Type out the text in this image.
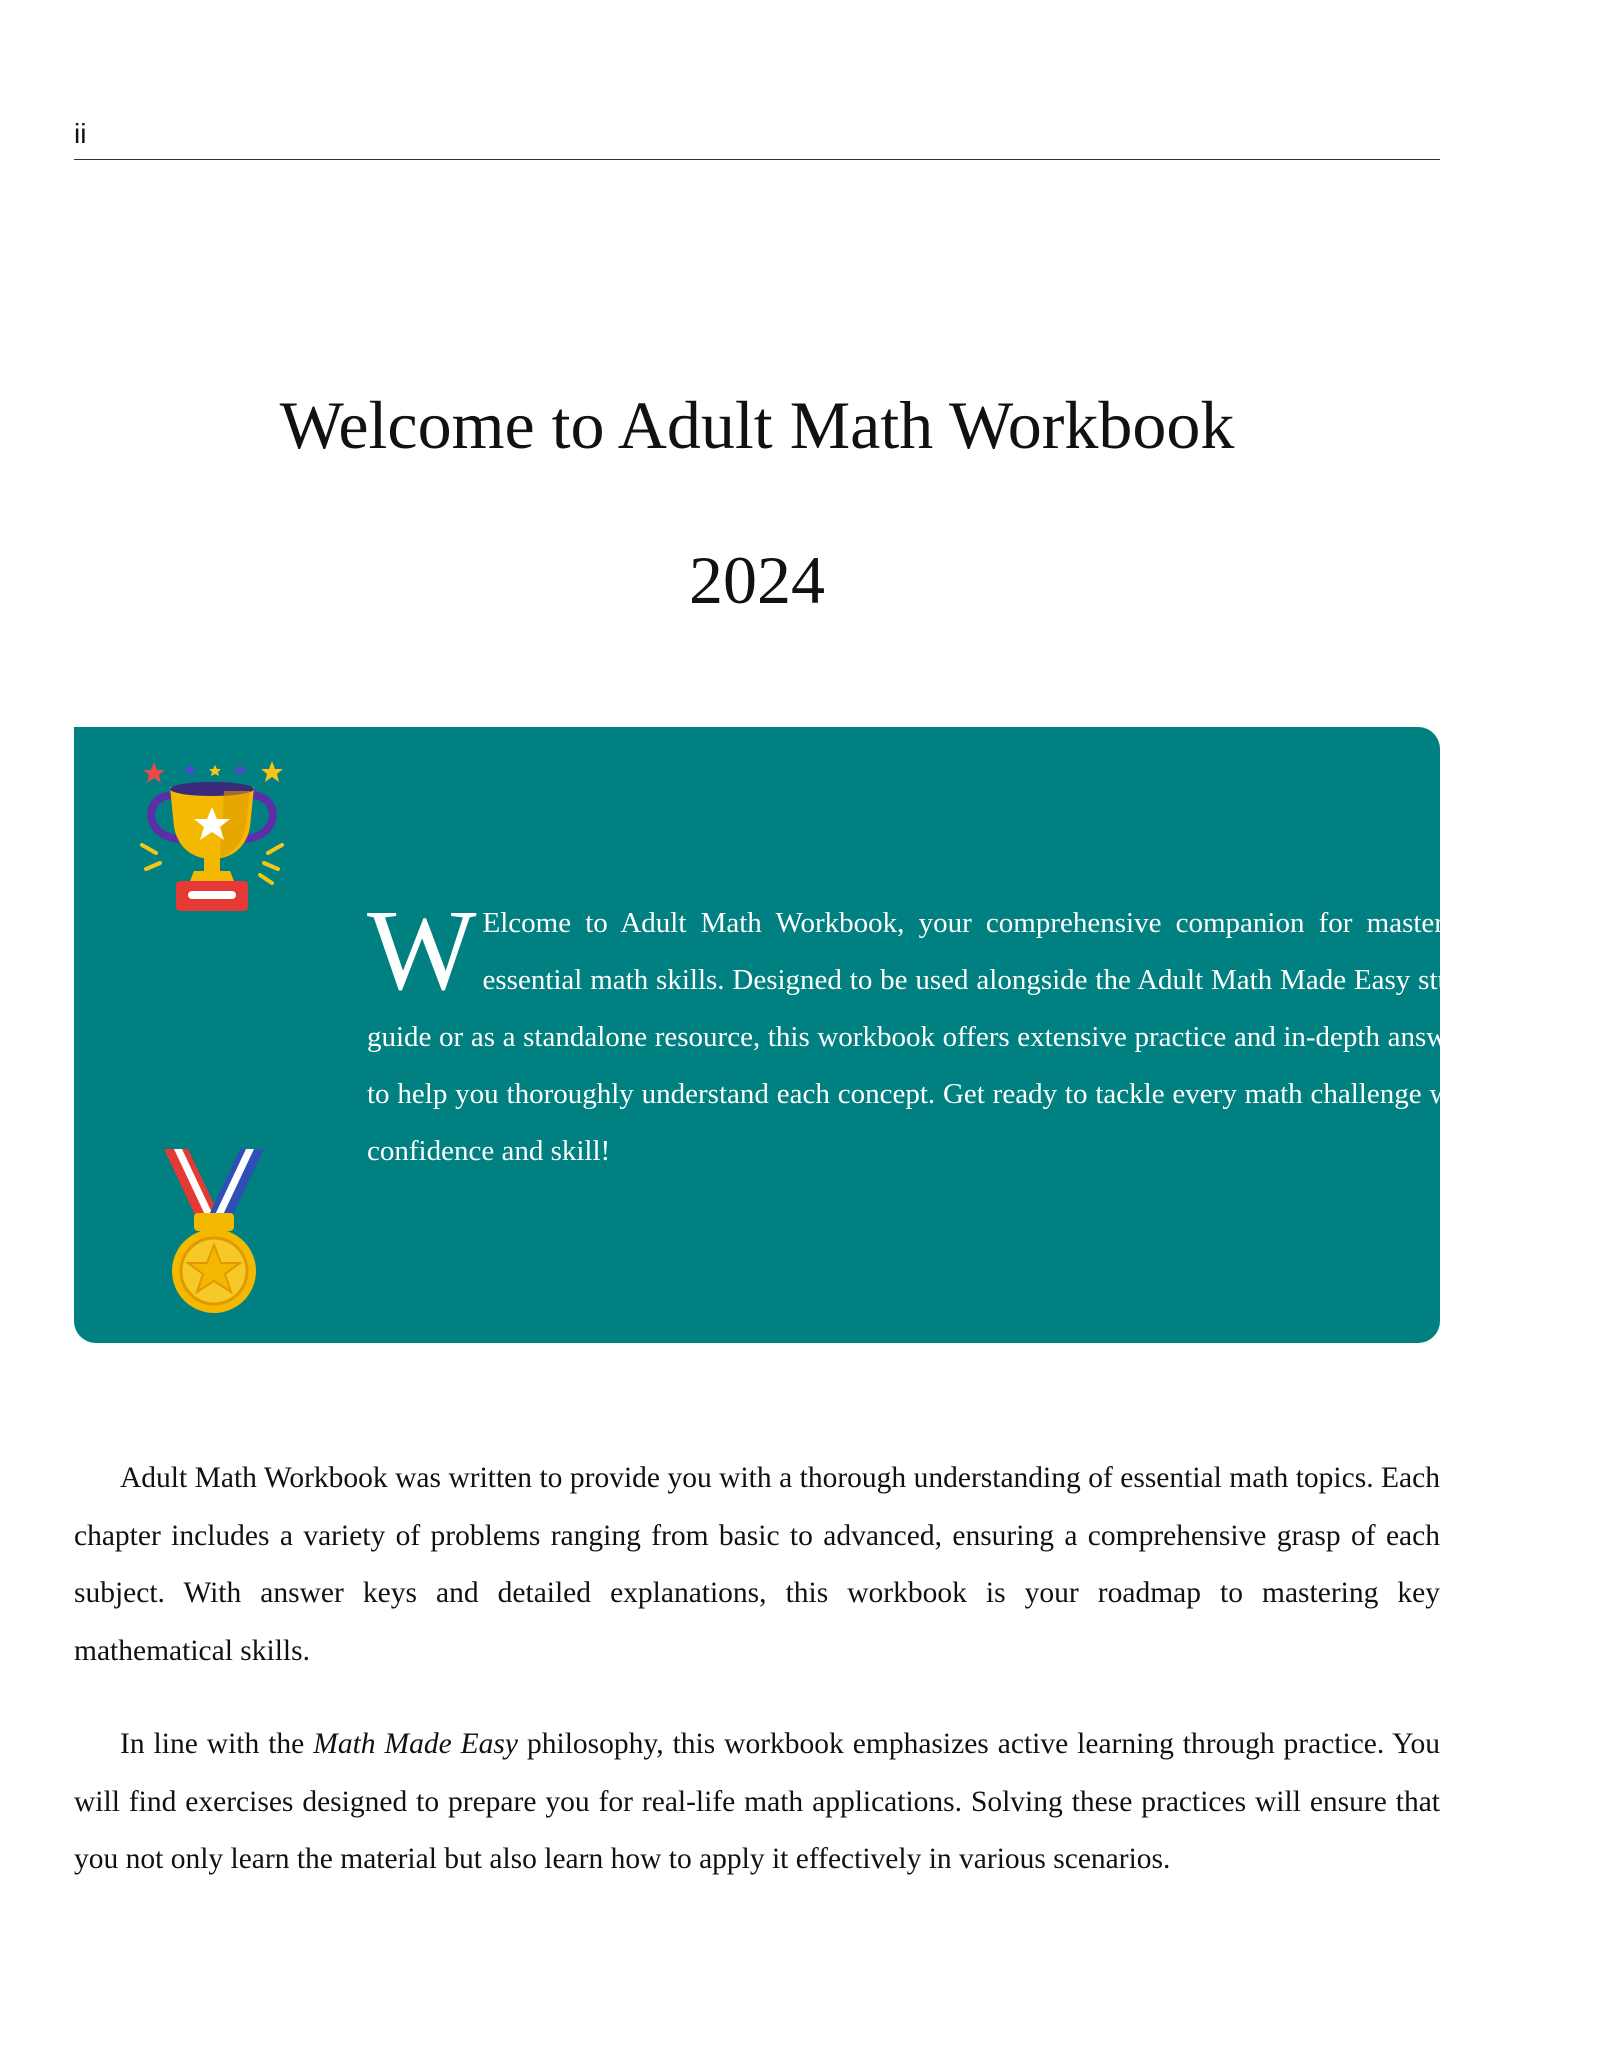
ii
Welcome to Adult Math Workbook
2024

W Elcome to Adult Math Workbook, your comprehensive companion for mastering essential math skills. Designed to be used alongside the Adult Math Made Easy study guide or as a standalone resource, this workbook offers extensive practice and in-depth answers to help you thoroughly understand each concept. Get ready to tackle every math challenge with confidence and skill!

Adult Math Workbook was written to provide you with a thorough understanding of essential math topics. Each chapter includes a variety of problems ranging from basic to advanced, ensuring a comprehensive grasp of each subject. With answer keys and detailed explanations, this workbook is your roadmap to mastering key mathematical skills.

In line with the Math Made Easy philosophy, this workbook emphasizes active learning through practice. You will find exercises designed to prepare you for real-life math applications. Solving these practices will ensure that you not only learn the material but also learn how to apply it effectively in various scenarios.
